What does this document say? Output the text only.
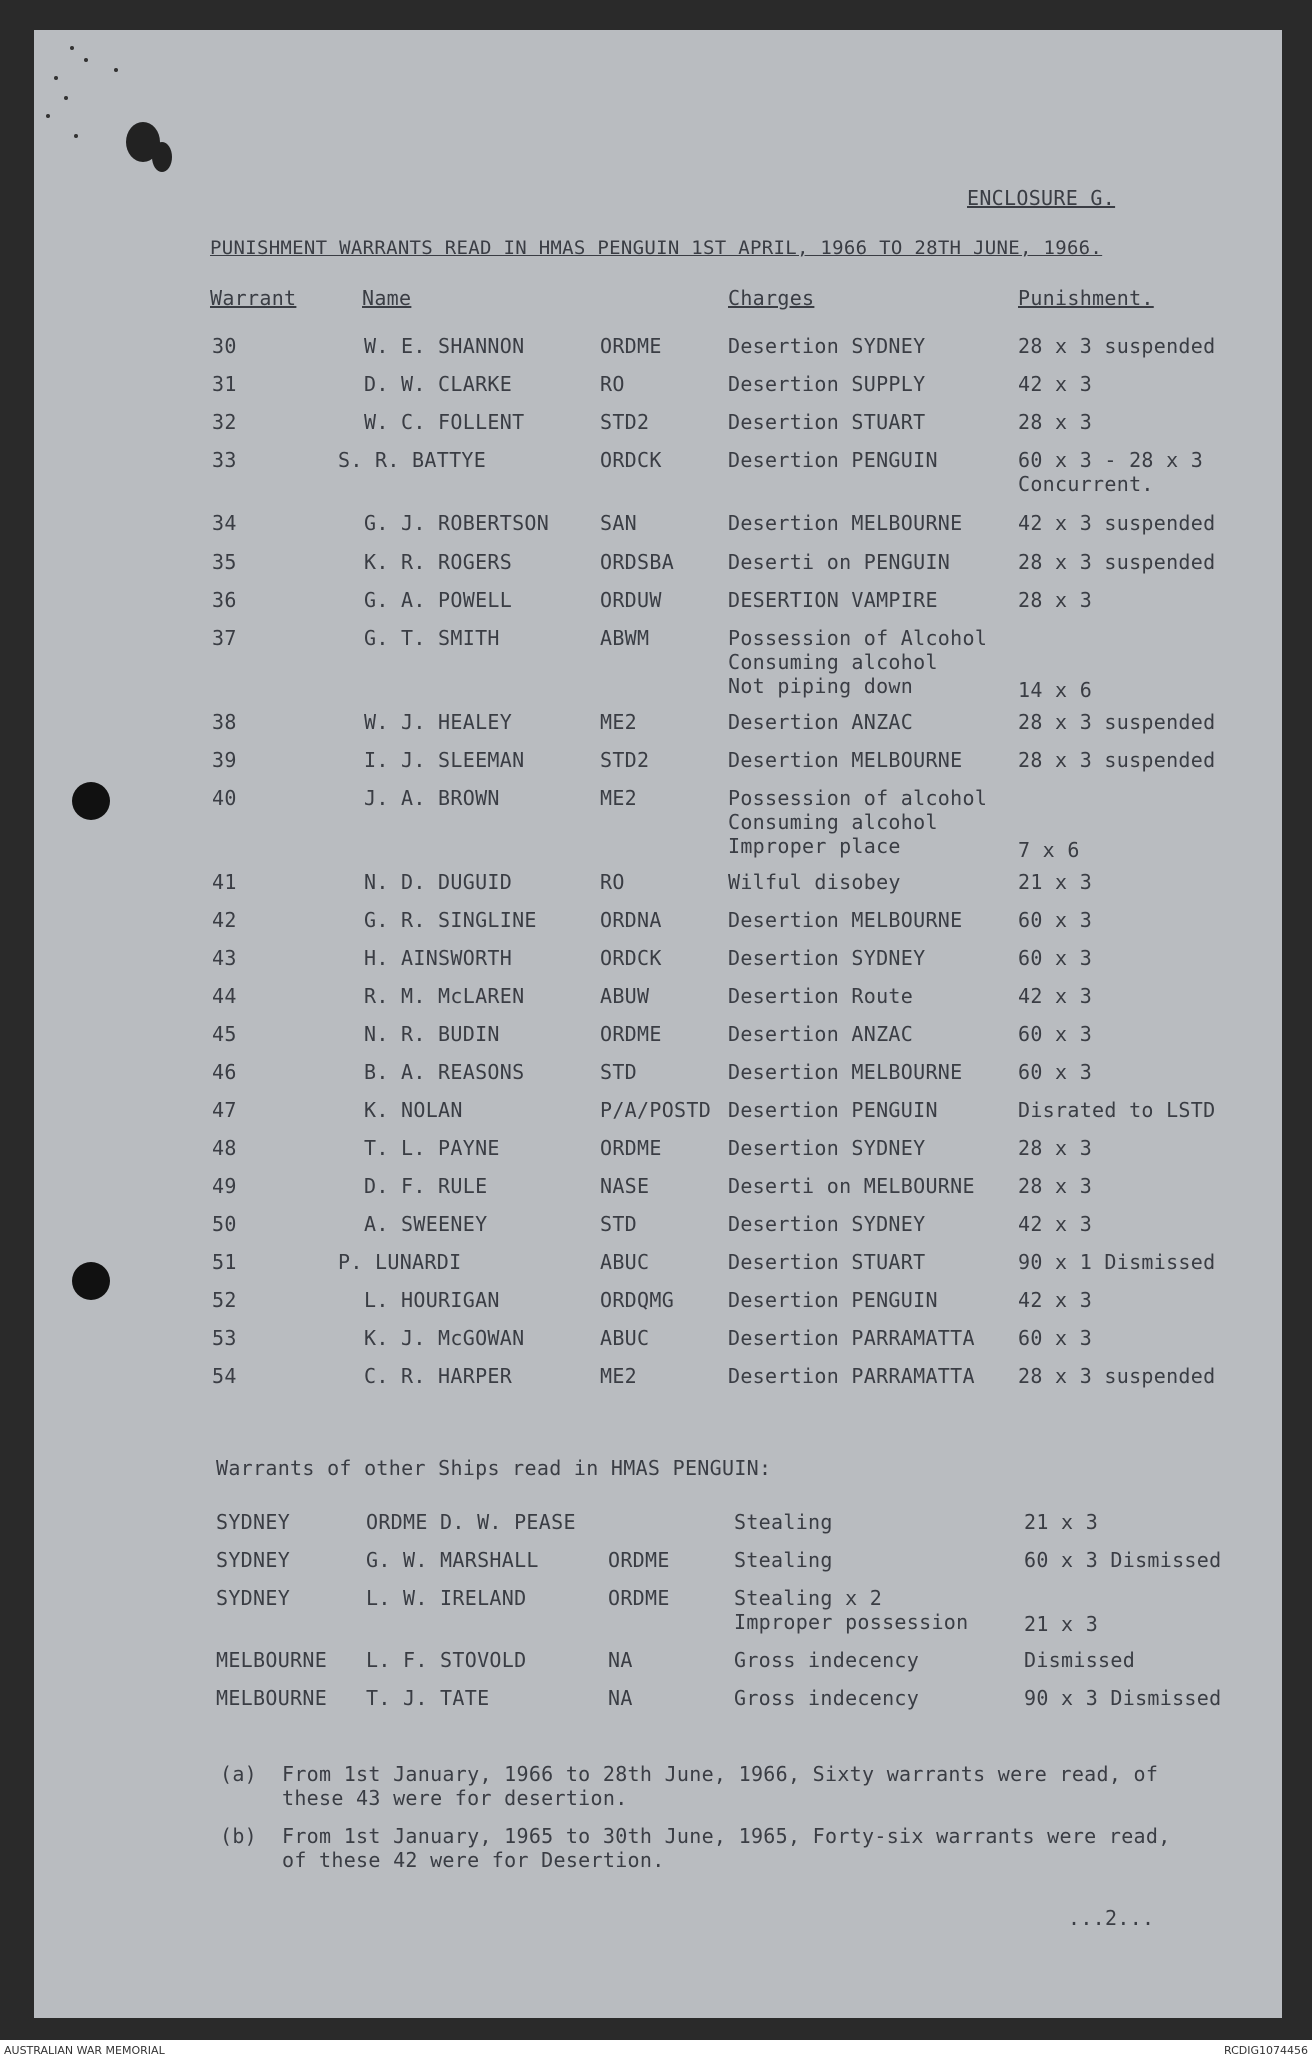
ENCLOSURE G.
PUNISHMENT WARRANTS READ IN HMAS PENGUIN 1ST APRIL, 1966 TO 28TH JUNE, 1966.
Warrant	Name	Charges	Punishment.
30	W. E. SHANNON	ORDME	Desertion SYDNEY	28 x 3 suspended
31	D. W. CLARKE	RO	Desertion SUPPLY	42 x 3
32	W. C. FOLLENT	STD2	Desertion STUART	28 x 3
33	S. R. BATTYE	ORDCK	Desertion PENGUIN	60 x 3 - 28 x 3
Concurrent.
34	G. J. ROBERTSON	SAN	Desertion MELBOURNE	42 x 3 suspended
35	K. R. ROGERS	ORDSBA	Deserti on PENGUIN	28 x 3 suspended
36	G. A. POWELL	ORDUW	DESERTION VAMPIRE	28 x 3
37	G. T. SMITH	ABWM	Possession of Alcohol
Consuming alcohol
Not piping down	14 x 6
38	W. J. HEALEY	ME2	Desertion ANZAC	28 x 3 suspended
39	I. J. SLEEMAN	STD2	Desertion MELBOURNE	28 x 3 suspended
40	J. A. BROWN	ME2	Possession of alcohol
Consuming alcohol
Improper place	7 x 6
41	N. D. DUGUID	RO	Wilful disobey	21 x 3
42	G. R. SINGLINE	ORDNA	Desertion MELBOURNE	60 x 3
43	H. AINSWORTH	ORDCK	Desertion SYDNEY	60 x 3
44	R. M. McLAREN	ABUW	Desertion Route	42 x 3
45	N. R. BUDIN	ORDME	Desertion ANZAC	60 x 3
46	B. A. REASONS	STD	Desertion MELBOURNE	60 x 3
47	K. NOLAN	P/A/POSTD Desertion PENGUIN	Disrated to LSTD
48	T. L. PAYNE	ORDME	Desertion SYDNEY	28 x 3
49	D. F. RULE	NASE	Deserti on MELBOURNE 28 x 3
50	A. SWEENEY	STD	Desertion SYDNEY	42 x 3
51	P. LUNARDI	ABUC	Desertion STUART	90 x 1 Dismissed
52	L. HOURIGAN	ORDQMG	Desertion PENGUIN	42 x 3
53	K. J. McGOWAN	ABUC	Desertion PARRAMATTA 60 x 3
54	C. R. HARPER	ME2	Desertion PARRAMATTA 28 x 3 suspended
Warrants of other Ships read in HMAS PENGUIN:
SYDNEY	ORDME D. W. PEASE	Stealing	21 x 3
SYDNEY	G. W. MARSHALL	ORDME	Stealing	60 x 3 Dismissed
SYDNEY	L. W. IRELAND	ORDME	Stealing x 2
Improper possession	21 x 3
MELBOURNE L. F. STOVOLD	NA	Gross indecency	Dismissed
MELBOURNE T. J. TATE	NA	Gross indecency	90 x 3 Dismissed
(a) From 1st January, 1966 to 28th June, 1966, Sixty warrants were read, of
these 43 were for desertion.
(b) From 1st January, 1965 to 30th June, 1965, Forty-six warrants were read,
of these 42 were for Desertion.
...2...
AUSTRALIAN WAR MEMORIAL	RCDIG1074456
